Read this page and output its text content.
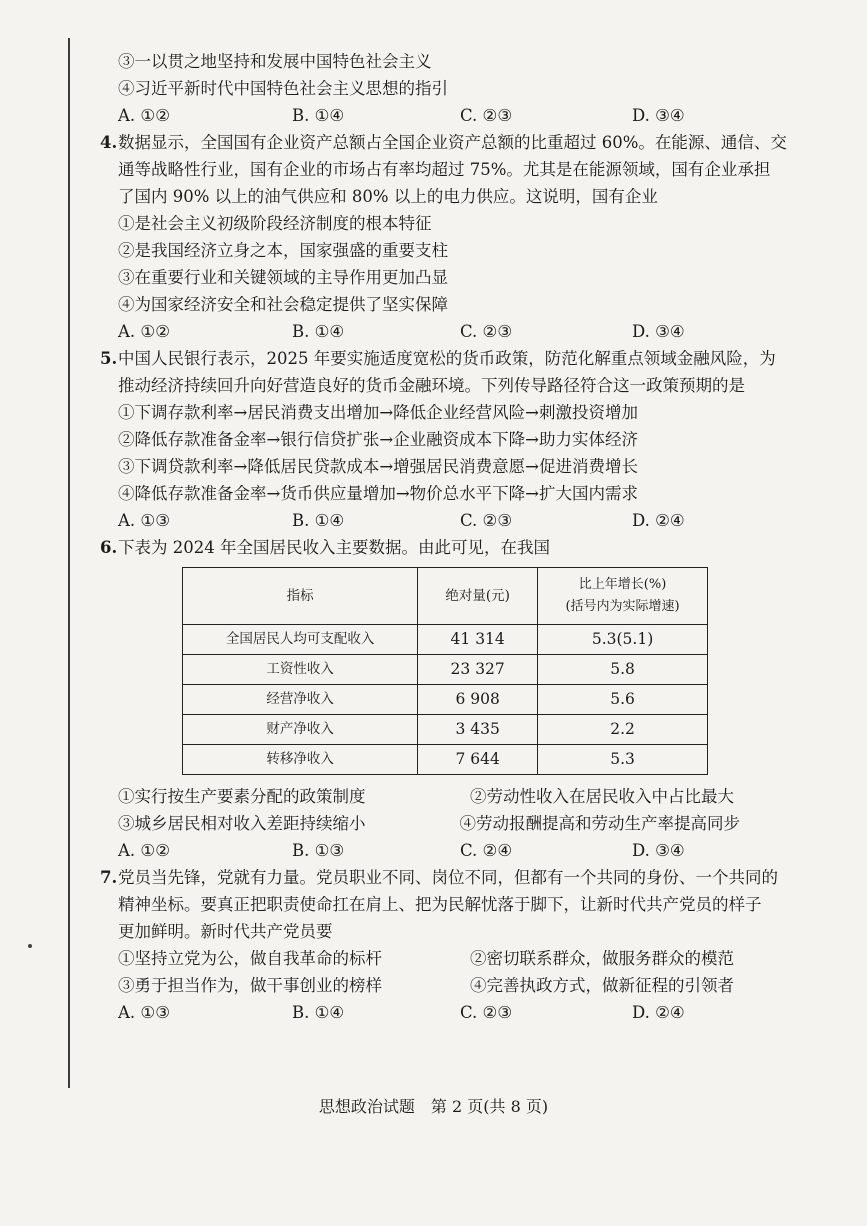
③一以贯之地坚持和发展中国特色社会主义
④习近平新时代中国特色社会主义思想的指引
A. ①②	B. ①④	C. ②③	D. ③④
4.数据显示，全国国有企业资产总额占全国企业资产总额的比重超过 60%。在能源、通信、交
通等战略性行业，国有企业的市场占有率均超过 75%。尤其是在能源领域，国有企业承担
了国内 90% 以上的油气供应和 80% 以上的电力供应。这说明，国有企业
①是社会主义初级阶段经济制度的根本特征
②是我国经济立身之本，国家强盛的重要支柱
③在重要行业和关键领域的主导作用更加凸显
④为国家经济安全和社会稳定提供了坚实保障
A. ①②	B. ①④	C. ②③	D. ③④
5.中国人民银行表示，2025 年要实施适度宽松的货币政策，防范化解重点领域金融风险，为
推动经济持续回升向好营造良好的货币金融环境。下列传导路径符合这一政策预期的是
①下调存款利率→居民消费支出增加→降低企业经营风险→刺激投资增加
②降低存款准备金率→银行信贷扩张→企业融资成本下降→助力实体经济
③下调贷款利率→降低居民贷款成本→增强居民消费意愿→促进消费增长
④降低存款准备金率→货币供应量增加→物价总水平下降→扩大国内需求
A. ①③	B. ①④	C. ②③	D. ②④
6.下表为 2024 年全国居民收入主要数据。由此可见，在我国
指标	绝对量(元)	比上年增长(%)
(括号内为实际增速)

全国居民人均可支配收入	41 314	5.3(5.1)
工资性收入	23 327	5.8
经营净收入	6 908	5.6
财产净收入	3 435	2.2
转移净收入	7 644	5.3
①实行按生产要素分配的政策制度	②劳动性收入在居民收入中占比最大
③城乡居民相对收入差距持续缩小	④劳动报酬提高和劳动生产率提高同步
A. ①②	B. ①③	C. ②④	D. ③④
7.党员当先锋，党就有力量。党员职业不同、岗位不同，但都有一个共同的身份、一个共同的
精神坐标。要真正把职责使命扛在肩上、把为民解忧落于脚下，让新时代共产党员的样子
更加鲜明。新时代共产党员要
①坚持立党为公，做自我革命的标杆	②密切联系群众，做服务群众的模范
③勇于担当作为，做干事创业的榜样	④完善执政方式，做新征程的引领者
A. ①③	B. ①④	C. ②③	D. ②④
思想政治试题　第 2 页(共 8 页)
